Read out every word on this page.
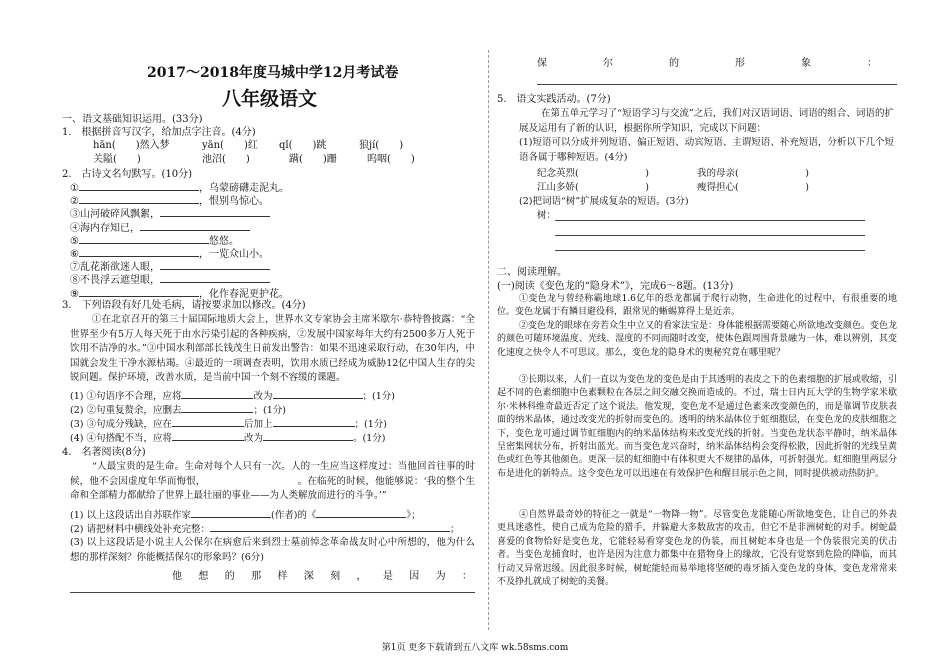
2017～2018年度马城中学12月考试卷
八年级语文
一、语文基础知识运用。(33分)
1.　根据拼音写汉字，给加点字注音。(4分)
hān(　　)然入梦	yān(　　)红 qǐ(　　)跳	狼jí(　　)
关隘(　　)	池沼(　　)	蹒(　　)跚	呜咽(　　)
2.　古诗文名句默写。(10分)
①	，乌蒙磅礴走泥丸。
②	，恨别鸟惊心。
③山河破碎风飘絮，
④海内存知已，
⑤	悠悠。
⑥	，一览众山小。
⑦乱花渐欲迷人眼，
⑧不畏浮云遮望眼，
⑨	，化作春泥更护花。
3.　下列语段有好几处毛病，请按要求加以修改。(4分)
①在北京召开的第三十届国际地质大会上，世界水文专家协会主席米歇尔·恭特鲁披露：“全世界至少有5万人每天死于由水污染引起的各种疾病，②发展中国家每年大约有2500多万人死于饮用不洁净的水。”③中国水利部部长钱茂生日前发出警告：如果不迅速采取行动，在30年内，中国就会发生干净水源枯竭。④最近的一项调查表明，饮用水质已经成为威胁12亿中国人生存的尖锐问题。保护环境，改善水质，是当前中国一个刻不容缓的课题。
(1) ①句语序不合理，应将	改为	；(1分)
(2) ②句重复赘余，应删去	；(1分)
(3) ③句成分残缺，应在	后加上	；(1分)
(4) ④句搭配不当，应将	改为	。(1分)
4.　名著阅读(8分)
“人最宝贵的是生命。生命对每个人只有一次。人的一生应当这样度过：当他回首往事的时候，他不会因虚度年华而悔恨，　　　　　　　　　　。在临死的时候，他能够说：‘我的整个生命和全部精力都献给了世界上最壮丽的事业——为人类解放而进行的斗争。’”
(1) 以上这段话出自苏联作家	(作者)的《	》；
(2) 请把材料中横线处补充完整：	；
(3) 以上这段话是小说主人公保尔在病愈后来到烈士墓前悼念革命战友时心中所想的，他为什么想的那样深刻？你能概括保尔的形象吗？(6分)
他 想 的 那 样 深 刻 ， 是 因 为 ：
保	尔	的	形	象	：
5.　语文实践活动。(7分)
在第五单元学习了“短语学习与交流”之后，我们对汉语词语、词语的组合、词语的扩展及运用有了新的认识，根据你所学知识，完成以下问题：
(1)短语可以分成并列短语、偏正短语、动宾短语、主谓短语、补充短语，分析以下几个短语各属于哪种短语。(4分)
纪念英烈(　　　　　　　)	我的母亲(　　　　　　　)
江山多娇(　　　　　　　)	瘦得担心(　　　　　　　)
(2)把词语“树”扩展成复杂的短语。(3分)
树：
二、阅读理解。
(一)阅读《变色龙的“隐身术”》，完成6～8题。(13分)
①变色龙与曾经称霸地球1.6亿年的恐龙都属于爬行动物，生命进化的过程中，有很重要的地位。变色龙属于有鳞目避役科，跟常见的蜥蜴算得上是近亲。
②变色龙的眼球在旁若众生中立又的看家法宝是：身体能根据需要随心所欲地改变颜色。变色龙的颜色可随环境温度、光线、湿度的不同而随时改变，使体色跟周围背景融为一体，难以辨别，其变化速度之快令人不可思议。那么，变色龙的隐身术的奥秘究竟在哪里呢？
③长期以来，人们一直以为变色龙的变色是由于其透明的表皮之下的色素细胞的扩展或收缩，引起不同的色素细胞中色素颗粒在各层之间交融交换而造成的。不过，瑞士日内瓦大学的生物学家米歇尔·米林科维奇最近否定了这个说法。他发现，变色龙不是通过色素来改变颜色的，而是靠调节皮肤表面的纳米晶体，通过改变光的折射而变色的。透明的纳米晶体位于虹细胞层，在变色龙的皮肤细胞之下，变色龙可通过调节虹细胞内的纳米晶体结构来改变光线的折射。当变色龙状态平静时，纳米晶体呈密集网状分布，折射出蓝光。而当变色龙兴奋时，纳米晶体结构会变得松散，因此折射的光线呈黄色或红色等其他颜色。更深一层的虹细胞中有体积更大不规律的晶体，可折射强光。虹细胞里两层分布是进化的新特点。这令变色龙可以迅速在有效保护色和醒目展示色之间，同时提供被动热防护。
④自然界最奇妙的特征之一就是“一物降一物”。尽管变色龙能随心所欲地变色，让自己的外表更具迷惑性，使自己成为危险的猎手，并躲避大多数敌害的攻击，但它不是非洲树蛇的对手。树蛇最喜爱的食物恰好是变色龙，它能轻易看穿变色龙的伪装，而且树蛇本身也是一个伪装很完美的伏击者。当变色龙捕食时，也许是因为注意力都集中在猎物身上的缘故，它没有觉察到危险的降临，而其行动又异常迟缓。因此很多时候，树蛇能轻而易举地将坚硬的毒牙插入变色龙的身体，变色龙常常来不及挣扎就成了树蛇的美餐。
第1页 更多下载请到五八文库 wk.58sms.com
